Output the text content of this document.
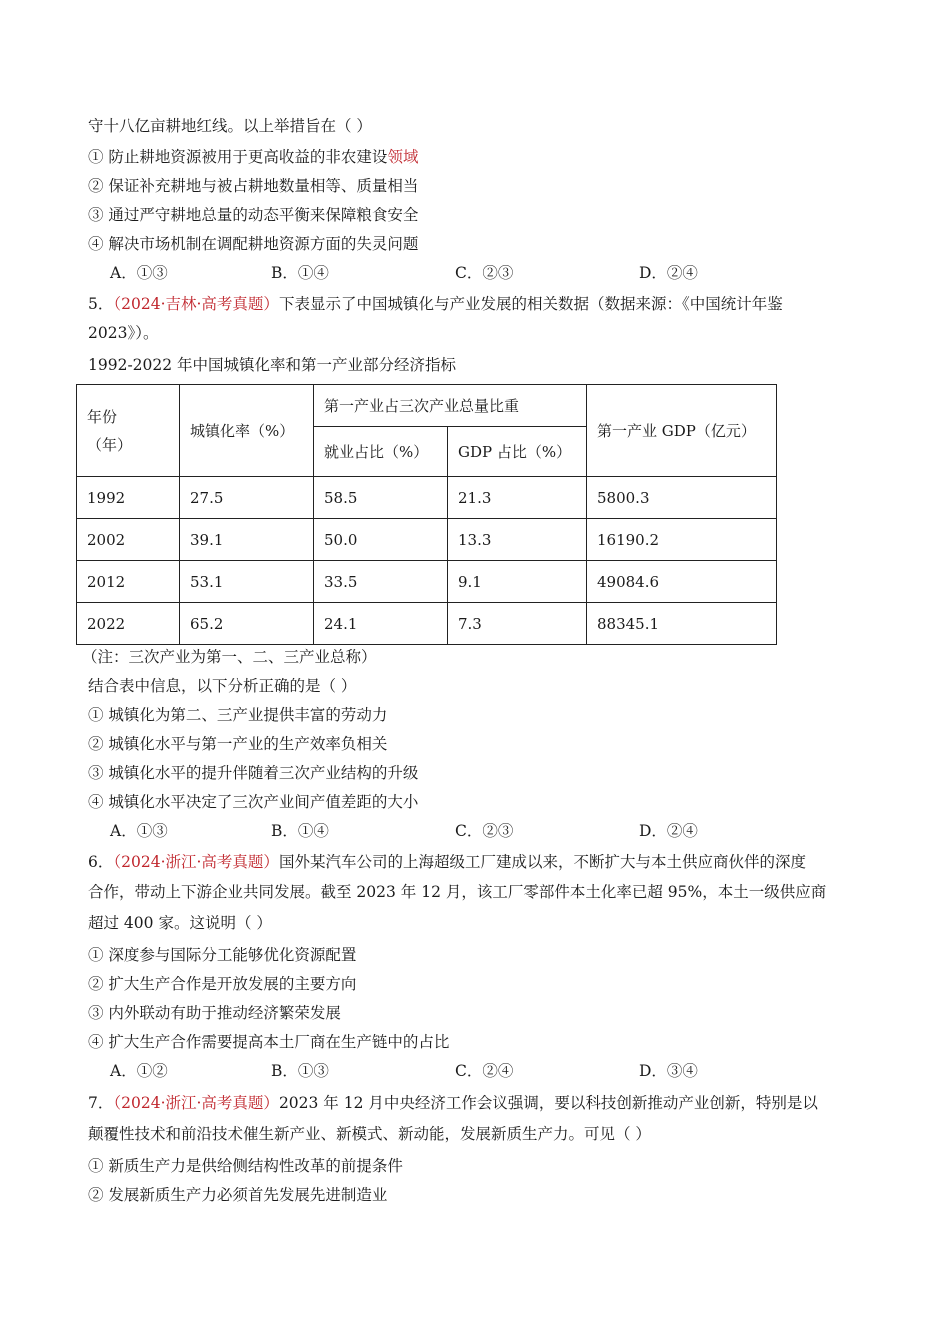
守十八亿亩耕地红线。以上举措旨在（ ）
① 防止耕地资源被用于更高收益的非农建设领域
② 保证补充耕地与被占耕地数量相等、质量相当
③ 通过严守耕地总量的动态平衡来保障粮食安全
④ 解决市场机制在调配耕地资源方面的失灵问题
A．①③	B．①④	C．②③	D．②④
5．（2024·吉林·高考真题）下表显示了中国城镇化与产业发展的相关数据（数据来源：《中国统计年鉴
2023》）。
1992-2022 年中国城镇化率和第一产业部分经济指标
年份
（年）	城镇化率（%）	第一产业占三次产业总量比重		第一产业 GDP（亿元）
		就业占比（%）	GDP 占比（%）	
1992	27.5	58.5	21.3	5800.3
2002	39.1	50.0	13.3	16190.2
2012	53.1	33.5	9.1	49084.6
2022	65.2	24.1	7.3	88345.1
（注：三次产业为第一、二、三产业总称）
结合表中信息，以下分析正确的是（ ）
① 城镇化为第二、三产业提供丰富的劳动力
② 城镇化水平与第一产业的生产效率负相关
③ 城镇化水平的提升伴随着三次产业结构的升级
④ 城镇化水平决定了三次产业间产值差距的大小
A．①③	B．①④	C．②③	D．②④
6．（2024·浙江·高考真题）国外某汽车公司的上海超级工厂建成以来，不断扩大与本土供应商伙伴的深度
合作，带动上下游企业共同发展。截至 2023 年 12 月，该工厂零部件本土化率已超 95%，本土一级供应商
超过 400 家。这说明（ ）
① 深度参与国际分工能够优化资源配置
② 扩大生产合作是开放发展的主要方向
③ 内外联动有助于推动经济繁荣发展
④ 扩大生产合作需要提高本土厂商在生产链中的占比
A．①②	B．①③	C．②④	D．③④
7．（2024·浙江·高考真题）2023 年 12 月中央经济工作会议强调，要以科技创新推动产业创新，特别是以
颠覆性技术和前沿技术催生新产业、新模式、新动能，发展新质生产力。可见（ ）
① 新质生产力是供给侧结构性改革的前提条件
② 发展新质生产力必须首先发展先进制造业
